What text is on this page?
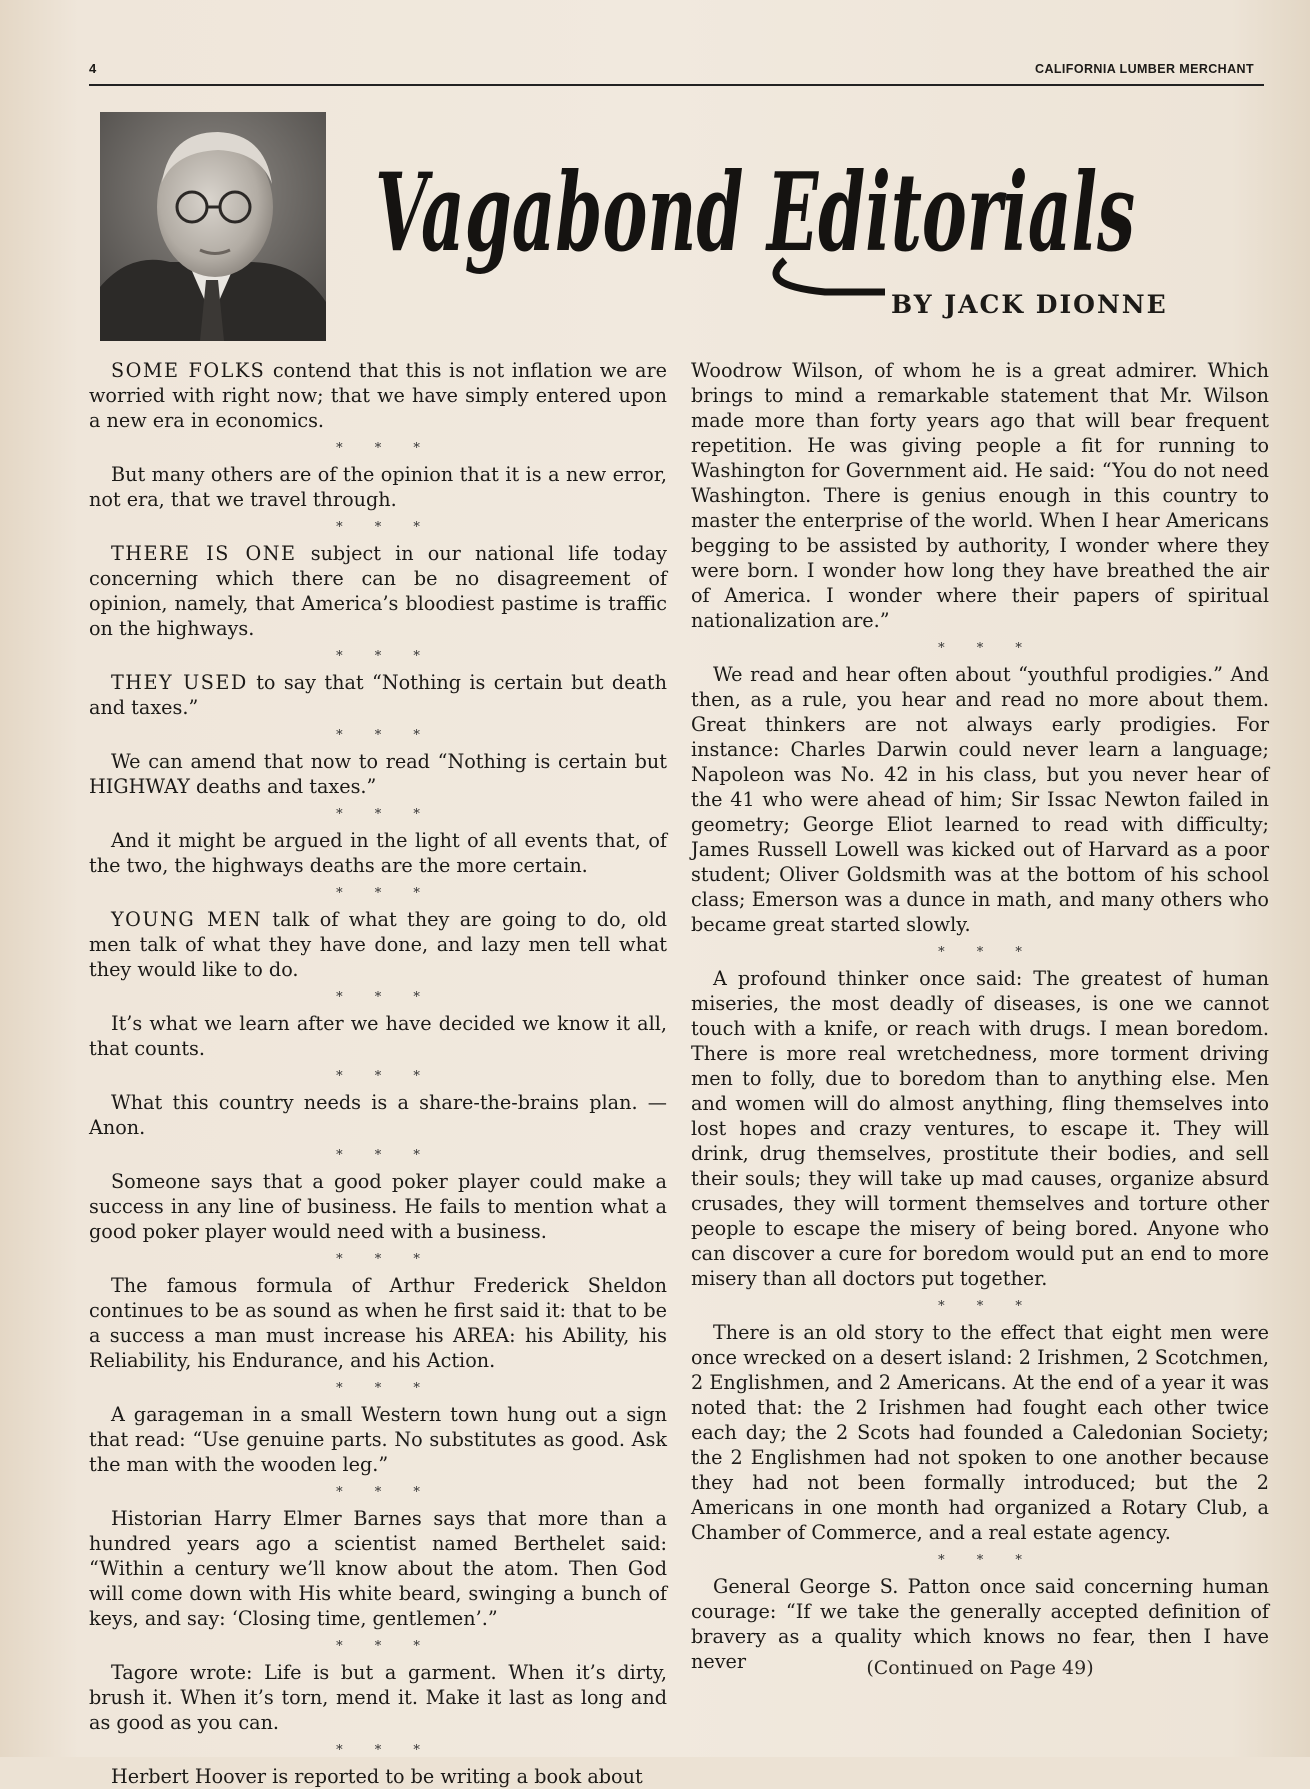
4	CALIFORNIA LUMBER MERCHANT
Vagabond Editorials
BY JACK DIONNE

SOME FOLKS contend that this is not inflation we are worried with right now; that we have simply entered upon a new era in economics.

* * *

But many others are of the opinion that it is a new error, not era, that we travel through.

* * *

THERE IS ONE subject in our national life today concerning which there can be no disagreement of opinion, namely, that America’s bloodiest pastime is traffic on the highways.

* * *

THEY USED to say that “Nothing is certain but death and taxes.”

* * *

We can amend that now to read “Nothing is certain but HIGHWAY deaths and taxes.”

* * *

And it might be argued in the light of all events that, of the two, the highways deaths are the more certain.

* * *

YOUNG MEN talk of what they are going to do, old men talk of what they have done, and lazy men tell what they would like to do.

* * *

It’s what we learn after we have decided we know it all, that counts.

* * *

What this country needs is a share-the-brains plan. —Anon.

* * *

Someone says that a good poker player could make a success in any line of business. He fails to mention what a good poker player would need with a business.

* * *

The famous formula of Arthur Frederick Sheldon continues to be as sound as when he first said it: that to be a success a man must increase his AREA: his Ability, his Reliability, his Endurance, and his Action.

* * *

A garageman in a small Western town hung out a sign that read: “Use genuine parts. No substitutes as good. Ask the man with the wooden leg.”

* * *

Historian Harry Elmer Barnes says that more than a hundred years ago a scientist named Berthelet said: “Within a century we’ll know about the atom. Then God will come down with His white beard, swinging a bunch of keys, and say: ‘Closing time, gentlemen’.”

* * *

Tagore wrote: Life is but a garment. When it’s dirty, brush it. When it’s torn, mend it. Make it last as long and as good as you can.

* * *

Herbert Hoover is reported to be writing a book about

Woodrow Wilson, of whom he is a great admirer. Which brings to mind a remarkable statement that Mr. Wilson made more than forty years ago that will bear frequent repetition. He was giving people a fit for running to Washington for Government aid. He said: “You do not need Washington. There is genius enough in this country to master the enterprise of the world. When I hear Americans begging to be assisted by authority, I wonder where they were born. I wonder how long they have breathed the air of America. I wonder where their papers of spiritual nationalization are.”

* * *

We read and hear often about “youthful prodigies.” And then, as a rule, you hear and read no more about them. Great thinkers are not always early prodigies. For instance: Charles Darwin could never learn a language; Napoleon was No. 42 in his class, but you never hear of the 41 who were ahead of him; Sir Issac Newton failed in geometry; George Eliot learned to read with difficulty; James Russell Lowell was kicked out of Harvard as a poor student; Oliver Goldsmith was at the bottom of his school class; Emerson was a dunce in math, and many others who became great started slowly.

* * *

A profound thinker once said: The greatest of human miseries, the most deadly of diseases, is one we cannot touch with a knife, or reach with drugs. I mean boredom. There is more real wretchedness, more torment driving men to folly, due to boredom than to anything else. Men and women will do almost anything, fling themselves into lost hopes and crazy ventures, to escape it. They will drink, drug themselves, prostitute their bodies, and sell their souls; they will take up mad causes, organize absurd crusades, they will torment themselves and torture other people to escape the misery of being bored. Anyone who can discover a cure for boredom would put an end to more misery than all doctors put together.

* * *

There is an old story to the effect that eight men were once wrecked on a desert island: 2 Irishmen, 2 Scotchmen, 2 Englishmen, and 2 Americans. At the end of a year it was noted that: the 2 Irishmen had fought each other twice each day; the 2 Scots had founded a Caledonian Society; the 2 Englishmen had not spoken to one another because they had not been formally introduced; but the 2 Americans in one month had organized a Rotary Club, a Chamber of Commerce, and a real estate agency.

* * *

General George S. Patton once said concerning human courage: “If we take the generally accepted definition of bravery as a quality which knows no fear, then I have never	(Continued on Page 49)
